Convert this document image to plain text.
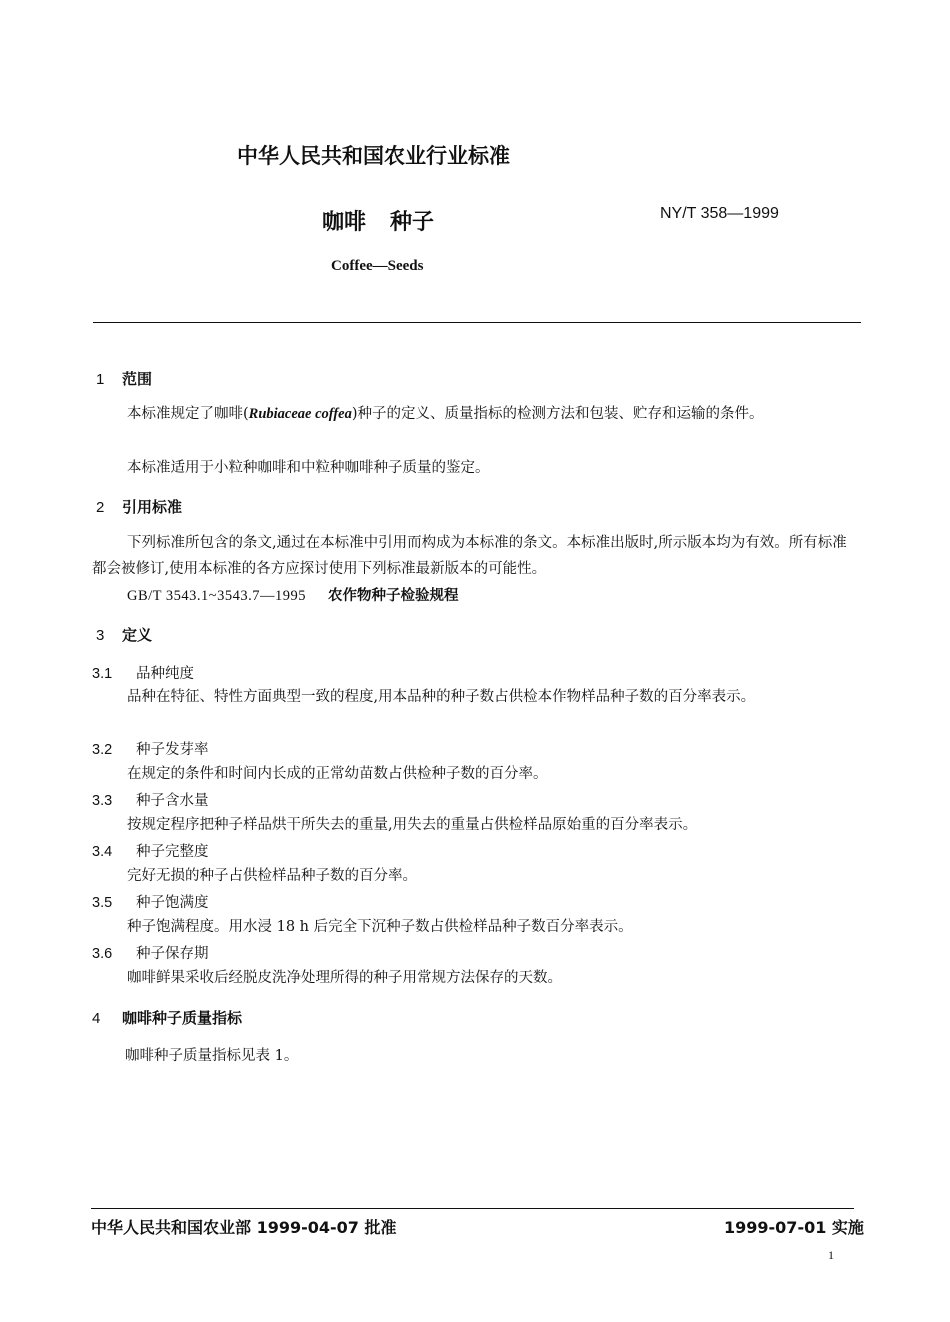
中华人民共和国农业行业标准
咖啡 种子	NY/T 358—1999
Coffee—Seeds
1 范围
本标准规定了咖啡(Rubiaceae coffea)种子的定义、质量指标的检测方法和包装、贮存和运输的条件。
本标准适用于小粒种咖啡和中粒种咖啡种子质量的鉴定。
2 引用标准
下列标准所包含的条文,通过在本标准中引用而构成为本标准的条文。本标准出版时,所示版本均为有效。所有标准都会被修订,使用本标准的各方应探讨使用下列标准最新版本的可能性。
GB/T 3543.1~3543.7—1995 农作物种子检验规程
3 定义
3.1 品种纯度
品种在特征、特性方面典型一致的程度,用本品种的种子数占供检本作物样品种子数的百分率表示。
3.2 种子发芽率
在规定的条件和时间内长成的正常幼苗数占供检种子数的百分率。
3.3 种子含水量
按规定程序把种子样品烘干所失去的重量,用失去的重量占供检样品原始重的百分率表示。
3.4 种子完整度
完好无损的种子占供检样品种子数的百分率。
3.5 种子饱满度
种子饱满程度。用水浸 18 h 后完全下沉种子数占供检样品种子数百分率表示。
3.6 种子保存期
咖啡鲜果采收后经脱皮洗净处理所得的种子用常规方法保存的天数。
4 咖啡种子质量指标
咖啡种子质量指标见表 1。
中华人民共和国农业部 1999-04-07 批准	1999-07-01 实施
1
